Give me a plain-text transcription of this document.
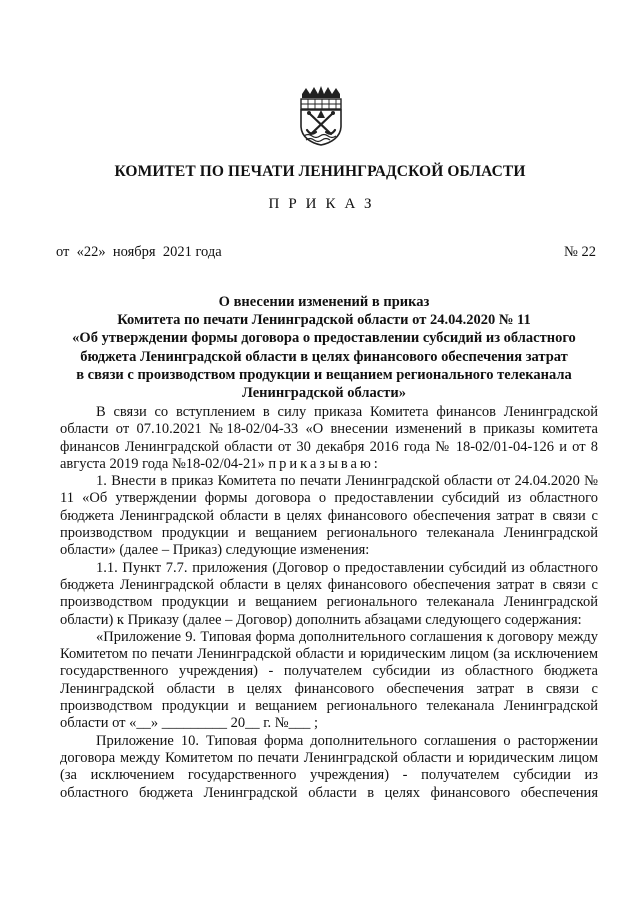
КОМИТЕТ ПО ПЕЧАТИ ЛЕНИНГРАДСКОЙ ОБЛАСТИ
ПРИКАЗ
от  «22»  ноября  2021 года	№ 22
О внесении изменений в приказ
Комитета по печати Ленинградской области от 24.04.2020 № 11
«Об утверждении формы договора о предоставлении субсидий из областного
бюджета Ленинградской области в целях финансового обеспечения затрат
в связи с производством продукции и вещанием регионального телеканала
Ленинградской области»

В связи со вступлением в силу приказа Комитета финансов Ленинградской области от 07.10.2021 №18-02/04-33 «О внесении изменений в приказы комитета финансов Ленинградской области от 30 декабря 2016 года № 18-02/01-04-126 и от 8 августа 2019 года №18-02/04-21» приказываю:

1. Внести в приказ Комитета по печати Ленинградской области от 24.04.2020 № 11 «Об утверждении формы договора о предоставлении субсидий из областного бюджета Ленинградской области в целях финансового обеспечения затрат в связи с производством продукции и вещанием регионального телеканала Ленинградской области» (далее – Приказ) следующие изменения:

1.1. Пункт 7.7. приложения (Договор о предоставлении субсидий из областного бюджета Ленинградской области в целях финансового обеспечения затрат в связи с производством продукции и вещанием регионального телеканала Ленинградской области) к Приказу (далее – Договор) дополнить абзацами следующего содержания:

«Приложение 9. Типовая форма дополнительного соглашения к договору между Комитетом по печати Ленинградской области и юридическим лицом (за исключением государственного учреждения) - получателем субсидии из областного бюджета Ленинградской области в целях финансового обеспечения затрат в связи с производством продукции и вещанием регионального телеканала Ленинградской области от «__» _________ 20__ г. №___ ;

Приложение 10. Типовая форма дополнительного соглашения о расторжении договора между Комитетом по печати Ленинградской области и юридическим лицом (за исключением государственного учреждения) - получателем субсидии из областного бюджета Ленинградской области в целях финансового обеспечения
